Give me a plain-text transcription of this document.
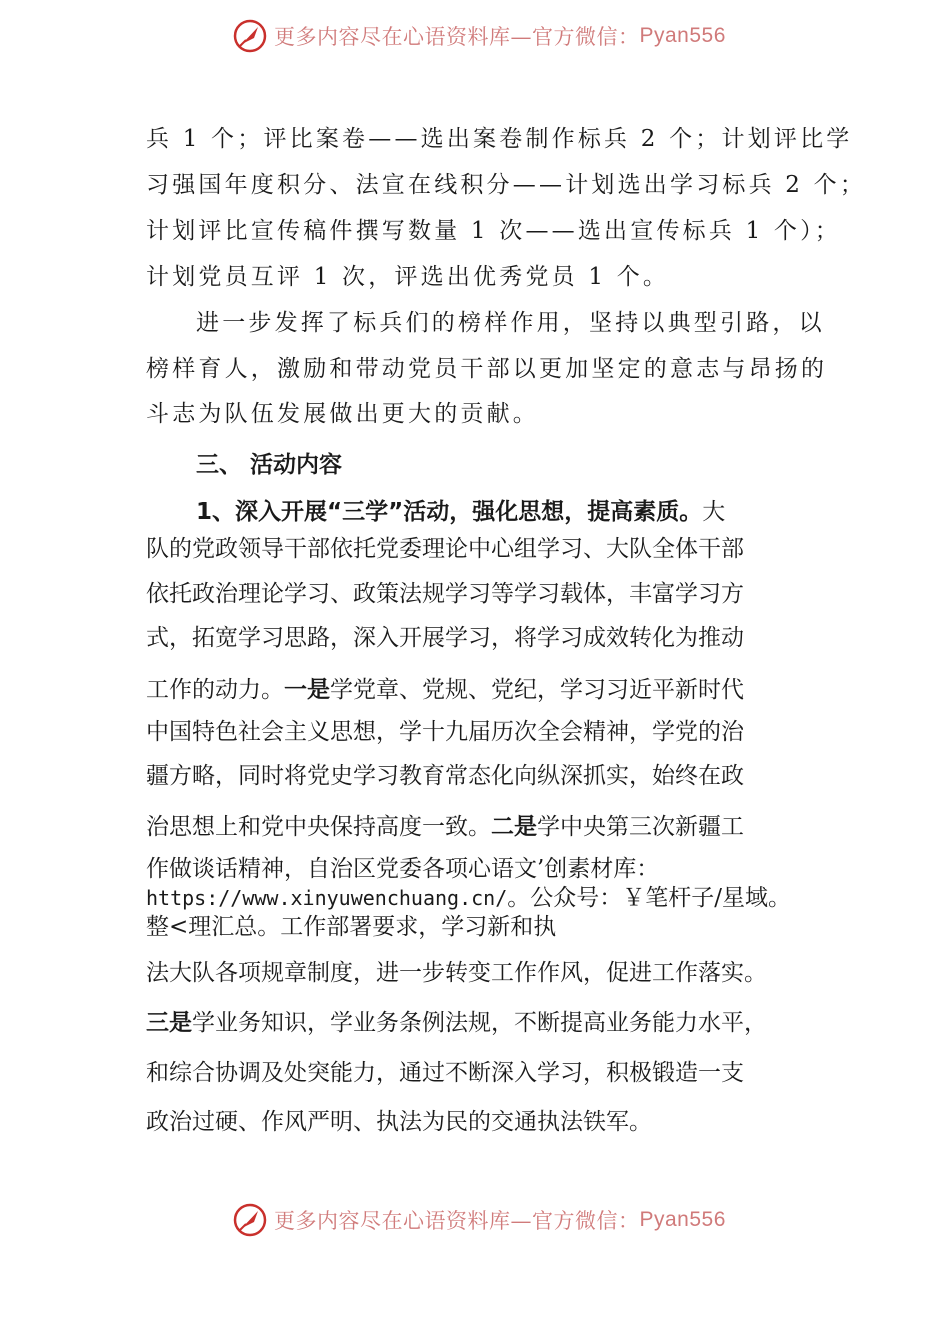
更多内容尽在心语资料库—官方微信： Pyan556
兵 1 个；评比案卷——选出案卷制作标兵 2 个；计划评比学
习强国年度积分、法宣在线积分——计划选出学习标兵 2 个；
计划评比宣传稿件撰写数量 1 次——选出宣传标兵 1 个）；
计划党员互评 1 次，评选出优秀党员 1 个。
进一步发挥了标兵们的榜样作用，坚持以典型引路，以
榜样育人，激励和带动党员干部以更加坚定的意志与昂扬的
斗志为队伍发展做出更大的贡献。
三、 活动内容
1、深入开展“三学”活动，强化思想，提高素质。大
队的党政领导干部依托党委理论中心组学习、大队全体干部
依托政治理论学习、政策法规学习等学习载体，丰富学习方
式，拓宽学习思路，深入开展学习，将学习成效转化为推动
工作的动力。一是学党章、党规、党纪，学习习近平新时代
中国特色社会主义思想，学十九届历次全会精神，学党的治
疆方略，同时将党史学习教育常态化向纵深抓实，始终在政
治思想上和党中央保持高度一致。二是学中央第三次新疆工
作做谈话精神，自治区党委各项心语文’创素材库：
https://www.xinyuwenchuang.cn/。公众号：￥笔杆子/星域。
整<理汇总。工作部署要求，学习新和执
法大队各项规章制度，进一步转变工作作风，促进工作落实。
三是学业务知识，学业务条例法规，不断提高业务能力水平，
和综合协调及处突能力，通过不断深入学习，积极锻造一支
政治过硬、作风严明、执法为民的交通执法铁军。
更多内容尽在心语资料库—官方微信： Pyan556
